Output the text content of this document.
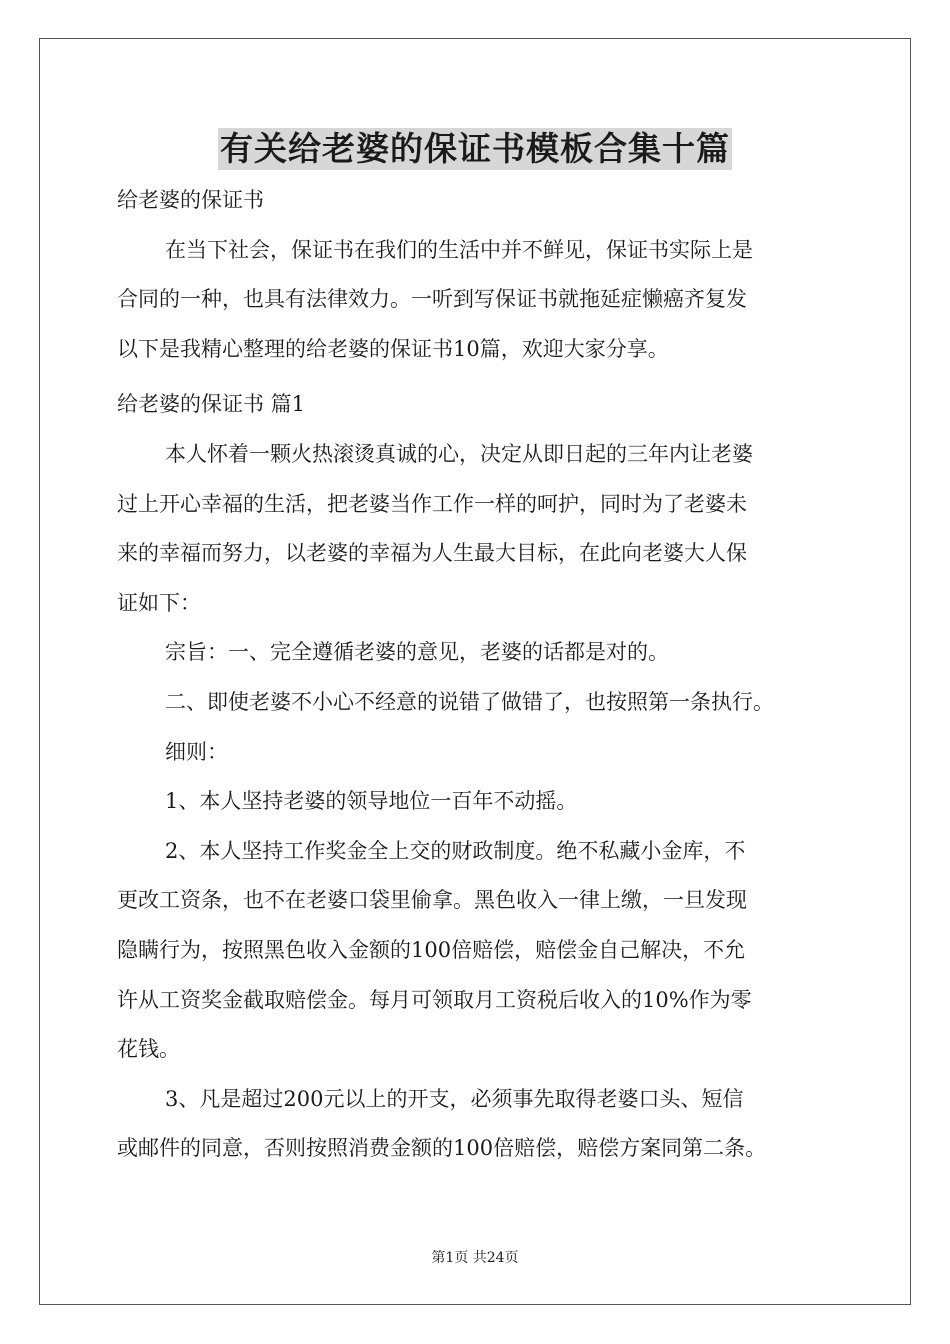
有关给老婆的保证书模板合集十篇
给老婆的保证书
在当下社会，保证书在我们的生活中并不鲜见，保证书实际上是
合同的一种，也具有法律效力。一听到写保证书就拖延症懒癌齐复发
以下是我精心整理的给老婆的保证书10篇，欢迎大家分享。
给老婆的保证书 篇1
本人怀着一颗火热滚烫真诚的心，决定从即日起的三年内让老婆
过上开心幸福的生活，把老婆当作工作一样的呵护，同时为了老婆未
来的幸福而努力，以老婆的幸福为人生最大目标，在此向老婆大人保
证如下：
宗旨：一、完全遵循老婆的意见，老婆的话都是对的。
二、即使老婆不小心不经意的说错了做错了，也按照第一条执行。
细则：
1、本人坚持老婆的领导地位一百年不动摇。
2、本人坚持工作奖金全上交的财政制度。绝不私藏小金库，不
更改工资条，也不在老婆口袋里偷拿。黑色收入一律上缴，一旦发现
隐瞒行为，按照黑色收入金额的100倍赔偿，赔偿金自己解决，不允
许从工资奖金截取赔偿金。每月可领取月工资税后收入的10%作为零
花钱。
3、凡是超过200元以上的开支，必须事先取得老婆口头、短信
或邮件的同意，否则按照消费金额的100倍赔偿，赔偿方案同第二条。
第1页 共24页
